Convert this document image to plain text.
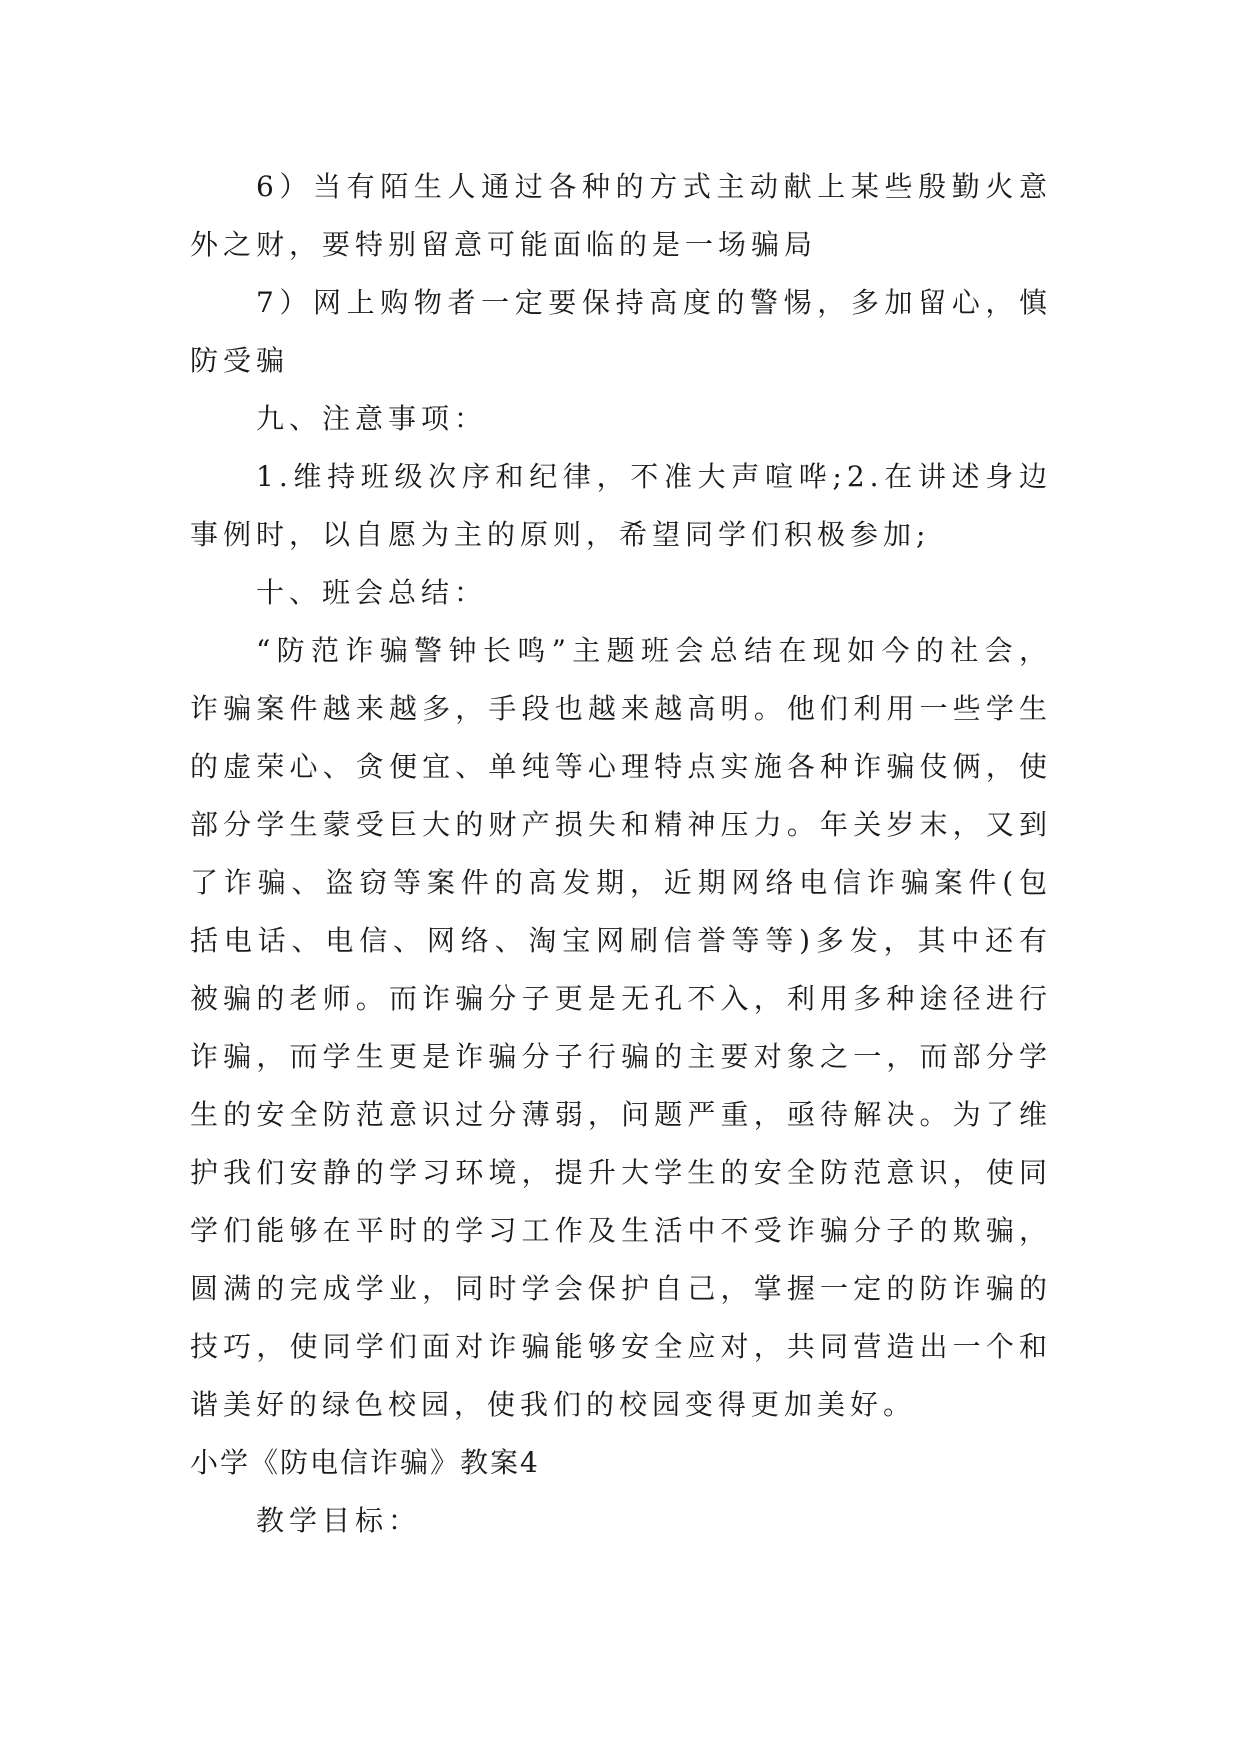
6）当有陌生人通过各种的方式主动献上某些殷勤火意外之财，要特别留意可能面临的是一场骗局

7）网上购物者一定要保持高度的警惕，多加留心，慎防受骗

九、注意事项：

1.维持班级次序和纪律，不准大声喧哗;2.在讲述身边事例时，以自愿为主的原则，希望同学们积极参加;

十、班会总结：

“防范诈骗警钟长鸣”主题班会总结在现如今的社会，诈骗案件越来越多，手段也越来越高明。他们利用一些学生的虚荣心、贪便宜、单纯等心理特点实施各种诈骗伎俩，使部分学生蒙受巨大的财产损失和精神压力。年关岁末，又到了诈骗、盗窃等案件的高发期，近期网络电信诈骗案件(包括电话、电信、网络、淘宝网刷信誉等等)多发，其中还有被骗的老师。而诈骗分子更是无孔不入，利用多种途径进行诈骗，而学生更是诈骗分子行骗的主要对象之一，而部分学生的安全防范意识过分薄弱，问题严重，亟待解决。为了维护我们安静的学习环境，提升大学生的安全防范意识，使同学们能够在平时的学习工作及生活中不受诈骗分子的欺骗，圆满的完成学业，同时学会保护自己，掌握一定的防诈骗的技巧，使同学们面对诈骗能够安全应对，共同营造出一个和谐美好的绿色校园，使我们的校园变得更加美好。

小学《防电信诈骗》教案4

教学目标：
